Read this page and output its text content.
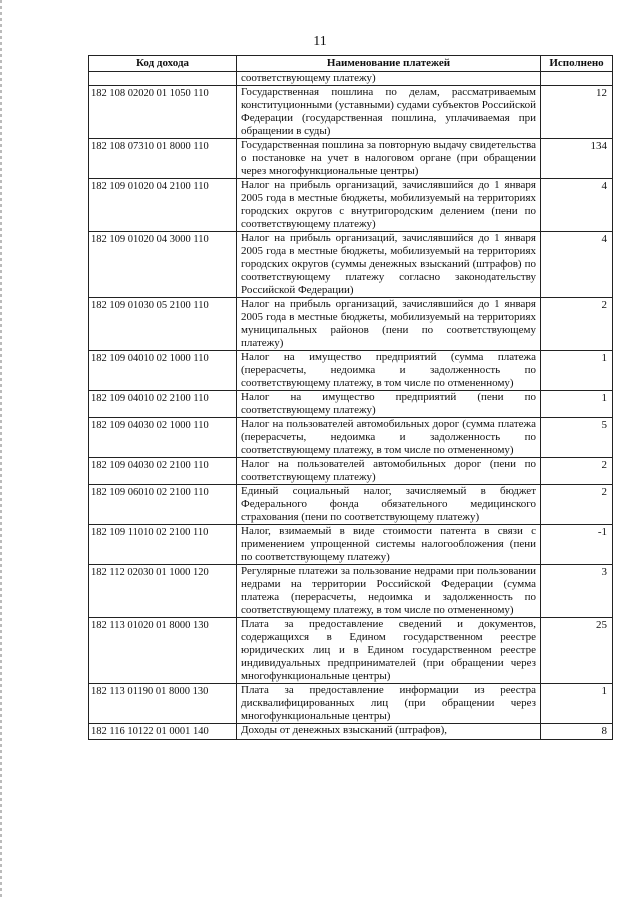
11
Код дохода	Наименование платежей	Исполнено
	соответствующему платежу)	
182 108 02020 01 1050 110	Государственная пошлина по делам, рассматриваемым конституционными (уставными) судами субъектов Российской Федерации (государственная пошлина, уплачиваемая при обращении в суды)	12
182 108 07310 01 8000 110	Государственная пошлина за повторную выдачу свидетельства о постановке на учет в налоговом органе (при обращении через многофункциональные центры)	134
182 109 01020 04 2100 110	Налог на прибыль организаций, зачислявшийся до 1 января 2005 года в местные бюджеты, мобилизуемый на территориях городских округов с внутригородским делением (пени по соответствующему платежу)	4
182 109 01020 04 3000 110	Налог на прибыль организаций, зачислявшийся до 1 января 2005 года в местные бюджеты, мобилизуемый на территориях городских округов (суммы денежных взысканий (штрафов) по соответствующему платежу согласно законодательству Российской Федерации)	4
182 109 01030 05 2100 110	Налог на прибыль организаций, зачислявшийся до 1 января 2005 года в местные бюджеты, мобилизуемый на территориях муниципальных районов (пени по соответствующему платежу)	2
182 109 04010 02 1000 110	Налог на имущество предприятий (сумма платежа (перерасчеты, недоимка и задолженность по соответствующему платежу, в том числе по отмененному)	1
182 109 04010 02 2100 110	Налог на имущество предприятий (пени по соответствующему платежу)	1
182 109 04030 02 1000 110	Налог на пользователей автомобильных дорог (сумма платежа (перерасчеты, недоимка и задолженность по соответствующему платежу, в том числе по отмененному)	5
182 109 04030 02 2100 110	Налог на пользователей автомобильных дорог (пени по соответствующему платежу)	2
182 109 06010 02 2100 110	Единый социальный налог, зачисляемый в бюджет Федерального фонда обязательного медицинского страхования (пени по соответствующему платежу)	2
182 109 11010 02 2100 110	Налог, взимаемый в виде стоимости патента в связи с применением упрощенной системы налогообложения (пени по соответствующему платежу)	-1
182 112 02030 01 1000 120	Регулярные платежи за пользование недрами при пользовании недрами на территории Российской Федерации (сумма платежа (перерасчеты, недоимка и задолженность по соответствующему платежу, в том числе по отмененному)	3
182 113 01020 01 8000 130	Плата за предоставление сведений и документов, содержащихся в Едином государственном реестре юридических лиц и в Едином государственном реестре индивидуальных предпринимателей (при обращении через многофункциональные центры)	25
182 113 01190 01 8000 130	Плата за предоставление информации из реестра дисквалифицированных лиц (при обращении через многофункциональные центры)	1
182 116 10122 01 0001 140	Доходы от денежных взысканий (штрафов),	8
